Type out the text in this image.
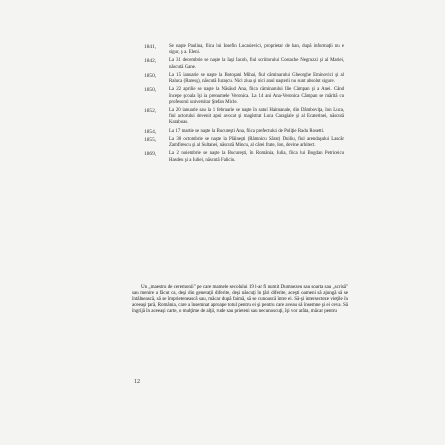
1841,	Se naşte Paulina, fiica lui Iosefin Lucasievici, proprietar de han, după informaţii nu e sigur, ş a. Eleni.
1842,	La 31 decembrie se naşte la Iaşi Iacob, fiul scriitorului Costache Negruzzi şi al Mariei, născută Gane.
1850,	La 15 ianuarie se naşte la Botoşani Mihai, fiul căminarului Gheorghe Eminovici şi al Raluca (Raresş), născută Iurașcu. Nici ziua şi nici anul naşterii nu sunt absolut sigure.
1850,	La 22 aprilie se naşte la Năsăud Ana, fiica căminarului Ilie Câmpan şi a Anei. Când începe şcoala îşi ia prenumele Veronica. La 14 ani Ana-Veronica Câmpan se mărită cu profesorul universitar Ştefan Micle.
1852,	La 20 ianuarie sau la 1 februarie se naşte în satul Haimanale, din Dâmboviţa, Ion Luca, fiul actorului devenit apoi avocat şi magistrat Luca Caragiale şi al Ecaterinei, născută Karaboas.
1854,	La 17 martie se naşte la Bucureşti Ana, fiica prefectului de Poliţie Radu Rosetti.
1855,	La 30 octombrie se naşte la Plăineşti (Râmnicu Sărat) Duiliu, fiul arendaşului Lascăr Zamfirescu şi al Sultanei, născută Mincu, al cărei frate, Ion, devine arhitect.
1869,	La 2 noiembrie se naşte la Bucureşti, în România, Iulia, fiica lui Bogdan Petriceicu Hasdeu şi a Iuliei, născută Faliciu.

Un „maestru de ceremonii" pe care mamele secolului 19 l-ar fi numit Dumnezeu sau soarta sau „scrisă" sau menire a făcut ca, deşi din generaţii diferite, deşi născuţi în ţări diferite, aceşti oameni să ajungă să se întâlnească, să se împrietenească sau, măcar după faimă, să se cunoască între ei. Să-şi intersecteze vieţile în aceeaşi ţară, România, care a însemnat aproape totul pentru ei şi pentru care aveau să însemne şi ei ceva. Să îngrijă în aceeaşi carte, o mulţime de alţii, rude sau prieteni sau necunoscuţi, îşi vor arăta, măcar pentru

12
